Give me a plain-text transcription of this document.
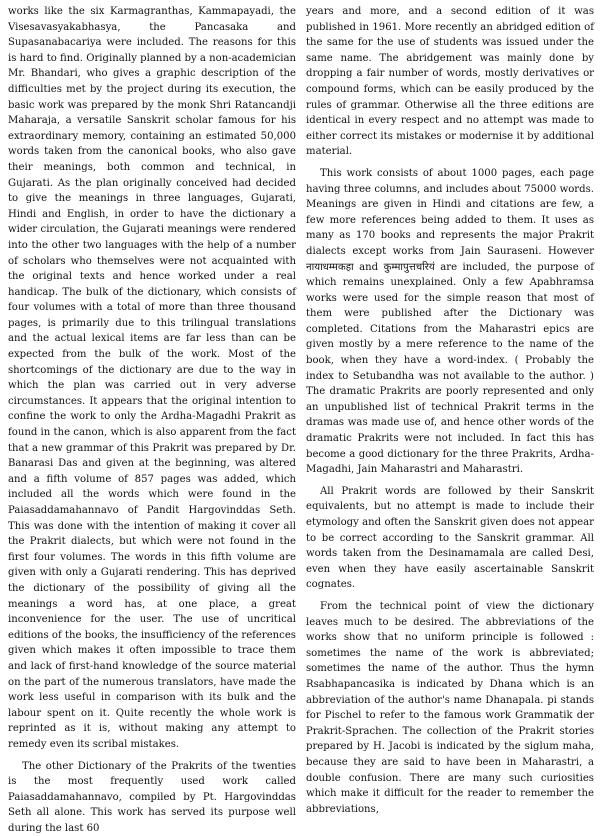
works like the six Karmagranthas, Kammapayadi, the Visesavasyakabhasya, the Pancasaka and Supasanabacariya were included. The reasons for this is hard to find. Originally planned by a non-academician Mr. Bhandari, who gives a graphic description of the difficulties met by the project during its execution, the basic work was prepared by the monk Shri Ratancandji Maharaja, a versatile Sanskrit scholar famous for his extraordinary memory, containing an estimated 50,000 words taken from the canonical books, who also gave their meanings, both common and technical, in Gujarati. As the plan originally conceived had decided to give the meanings in three languages, Gujarati, Hindi and English, in order to have the dictionary a wider circulation, the Gujarati meanings were rendered into the other two languages with the help of a number of scholars who themselves were not acquainted with the original texts and hence worked under a real handicap. The bulk of the dictionary, which consists of four volumes with a total of more than three thousand pages, is primarily due to this trilingual translations and the actual lexical items are far less than can be expected from the bulk of the work. Most of the shortcomings of the dictionary are due to the way in which the plan was carried out in very adverse circumstances. It appears that the original intention to confine the work to only the Ardha-Magadhi Prakrit as found in the canon, which is also apparent from the fact that a new grammar of this Prakrit was prepared by Dr. Banarasi Das and given at the beginning, was altered and a fifth volume of 857 pages was added, which included all the words which were found in the Paiasaddamahannavo of Pandit Hargovinddas Seth. This was done with the intention of making it cover all the Prakrit dialects, but which were not found in the first four volumes. The words in this fifth volume are given with only a Gujarati rendering. This has deprived the dictionary of the possibility of giving all the meanings a word has, at one place, a great inconvenience for the user. The use of uncritical editions of the books, the insufficiency of the references given which makes it often impossible to trace them and lack of first-hand knowledge of the source material on the part of the numerous translators, have made the work less useful in comparison with its bulk and the labour spent on it. Quite recently the whole work is reprinted as it is, without making any attempt to remedy even its scribal mistakes.

The other Dictionary of the Prakrits of the twenties is the most frequently used work called Paiasaddamahannavo, compiled by Pt. Hargovinddas Seth all alone. This work has served its purpose well during the last 60

years and more, and a second edition of it was published in 1961. More recently an abridged edition of the same for the use of students was issued under the same name. The abridgement was mainly done by dropping a fair number of words, mostly derivatives or compound forms, which can be easily produced by the rules of grammar. Otherwise all the three editions are identical in every respect and no attempt was made to either correct its mistakes or modernise it by additional material.

This work consists of about 1000 pages, each page having three columns, and includes about 75000 words. Meanings are given in Hindi and citations are few, a few more references being added to them. It uses as many as 170 books and represents the major Prakrit dialects except works from Jain Sauraseni. However नायाधम्मकहा and कुम्मापुत्तचरियं are included, the purpose of which remains unexplained. Only a few Apabhramsa works were used for the simple reason that most of them were published after the Dictionary was completed. Citations from the Maharastri epics are given mostly by a mere reference to the name of the book, when they have a word-index. ( Probably the index to Setubandha was not available to the author. ) The dramatic Prakrits are poorly represented and only an unpublished list of technical Prakrit terms in the dramas was made use of, and hence other words of the dramatic Prakrits were not included. In fact this has become a good dictionary for the three Prakrits, Ardha-Magadhi, Jain Maharastri and Maharastri.

All Prakrit words are followed by their Sanskrit equivalents, but no attempt is made to include their etymology and often the Sanskrit given does not appear to be correct according to the Sanskrit grammar. All words taken from the Desinamamala are called Desi, even when they have easily ascertainable Sanskrit cognates.

From the technical point of view the dictionary leaves much to be desired. The abbreviations of the works show that no uniform principle is followed : sometimes the name of the work is abbreviated; sometimes the name of the author. Thus the hymn Rsabhapancasika is indicated by Dhana which is an abbreviation of the author's name Dhanapala. pi stands for Pischel to refer to the famous work Grammatik der Prakrit-Sprachen. The collection of the Prakrit stories prepared by H. Jacobi is indicated by the siglum maha, because they are said to have been in Maharastri, a double confusion. There are many such curiosities which make it difficult for the reader to remember the abbreviations,
